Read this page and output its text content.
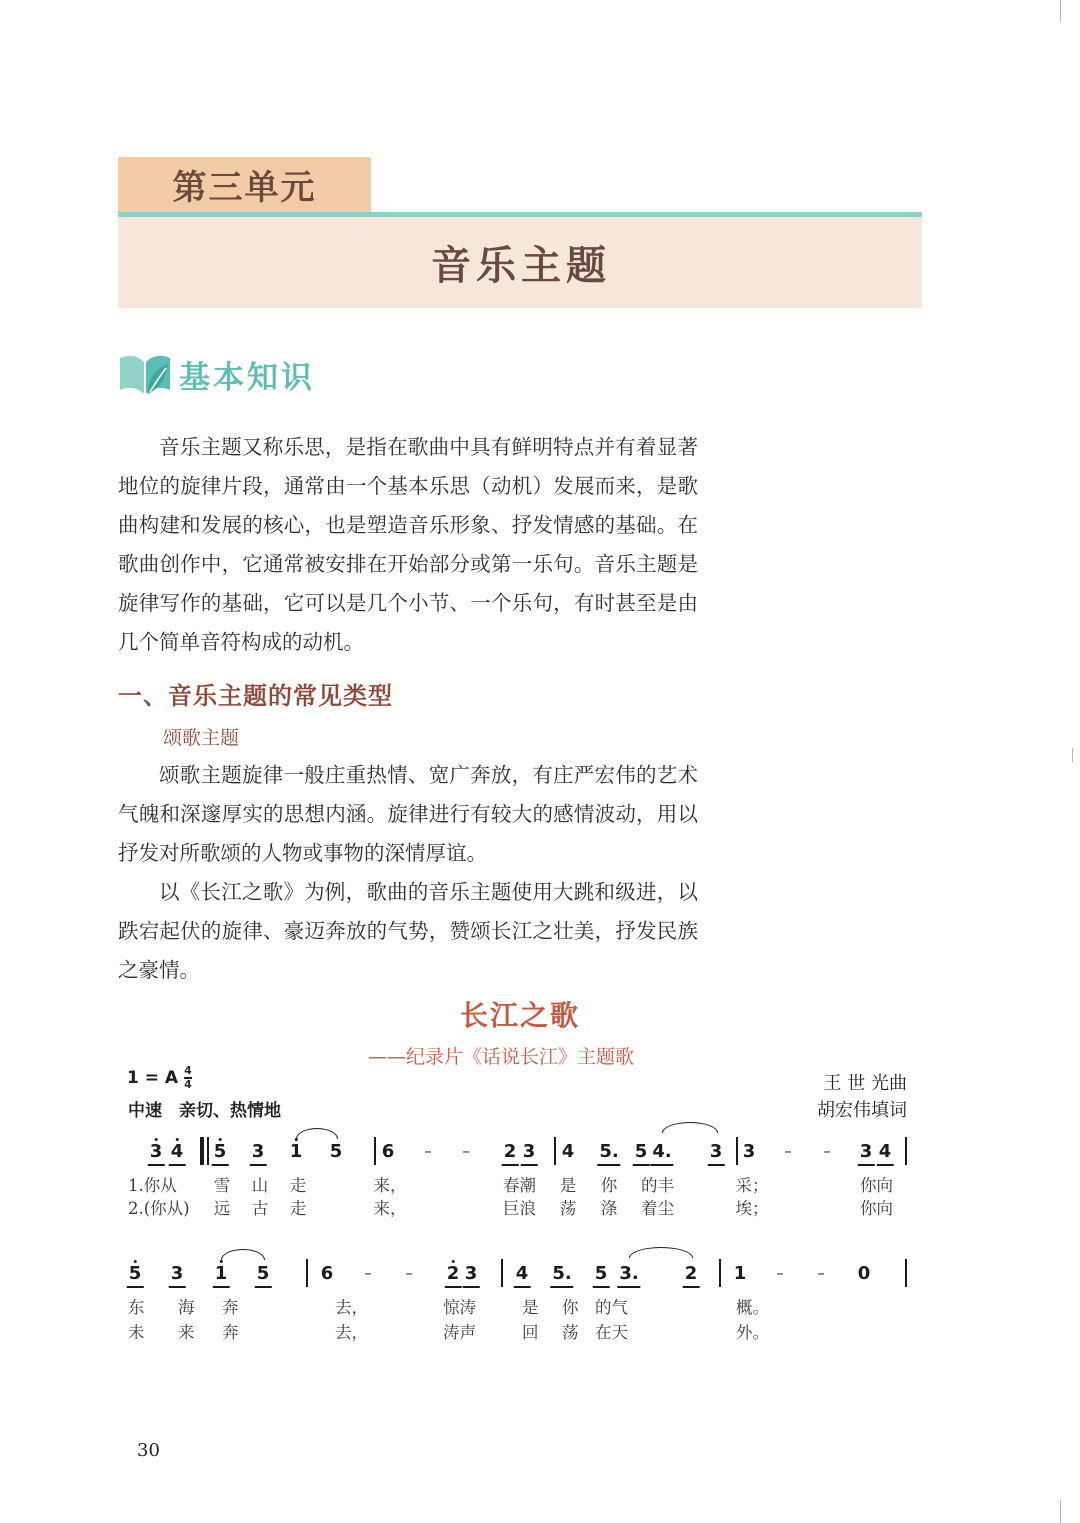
第三单元
音乐主题
基本知识

音乐主题又称乐思，是指在歌曲中具有鲜明特点并有着显著地位的旋律片段，通常由一个基本乐思（动机）发展而来，是歌曲构建和发展的核心，也是塑造音乐形象、抒发情感的基础。在歌曲创作中，它通常被安排在开始部分或第一乐句。音乐主题是旋律写作的基础，它可以是几个小节、一个乐句，有时甚至是由几个简单音符构成的动机。

一、音乐主题的常见类型
颂歌主题

颂歌主题旋律一般庄重热情、宽广奔放，有庄严宏伟的艺术气魄和深邃厚实的思想内涵。旋律进行有较大的感情波动，用以抒发对所歌颂的人物或事物的深情厚谊。

以《长江之歌》为例，歌曲的音乐主题使用大跳和级进，以跌宕起伏的旋律、豪迈奔放的气势，赞颂长江之壮美，抒发民族之豪情。

长江之歌
——纪录片《话说长江》主题歌
1 = A 4
4
中速　亲切、热情地
王 世 光曲
胡宏伟填词
3 4 5 3 1 5 6 – – 2 3 4 5. 5 4. 3 3 – – 3 4
1.你从 雪 山 走	来，	春潮 是 你 的丰	采；	你向
2.(你从) 远 古 走	来，	巨浪 荡 涤 着尘	埃；	你向
5 3 1 5	6 – – 2 3 4 5. 5 3.	2 1 – – 0
东 海 奔	去，	惊涛	是 你 的气	概。
未 来 奔	去，	涛声	回 荡 在天	外。
30
